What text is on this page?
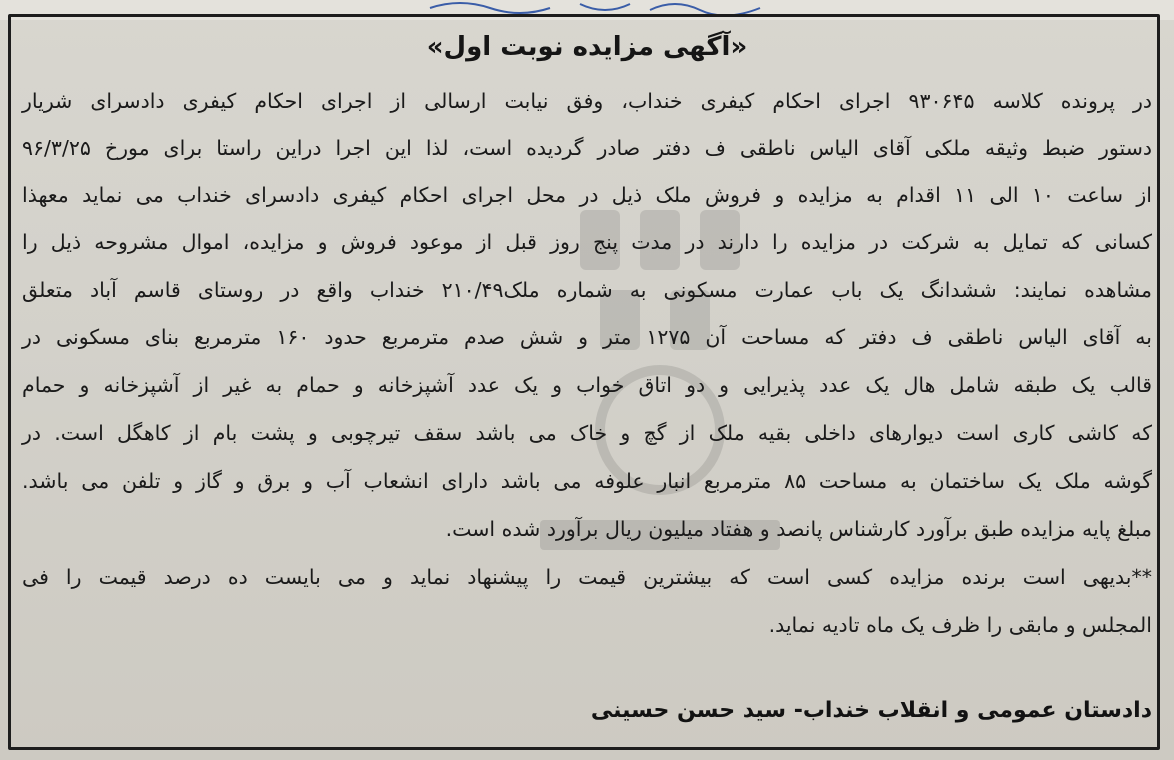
«آگهی مزایده نوبت اول»
در پرونده کلاسه ۹۳۰۶۴۵ اجرای احکام کیفری خنداب، وفق نیابت ارسالی از اجرای احکام کیفری دادسرای شریار
دستور ضبط وثیقه ملکی آقای الیاس ناطقی ف دفتر صادر گردیده است، لذا این اجرا دراین راستا برای مورخ ۹۶/۳/۲۵
از ساعت ۱۰ الی ۱۱ اقدام به مزایده و فروش ملک ذیل در محل اجرای احکام کیفری دادسرای خنداب می نماید معهذا
کسانی که تمایل به شرکت در مزایده را دارند در مدت پنج روز قبل از موعود فروش و مزایده، اموال مشروحه ذیل را
مشاهده نمایند: ششدانگ یک باب عمارت مسکونی به شماره ملک۲۱۰/۴۹ خنداب واقع در روستای قاسم آباد متعلق
به آقای الیاس ناطقی ف دفتر که مساحت آن ۱۲۷۵ متر و شش صدم مترمربع حدود ۱۶۰ مترمربع بنای مسکونی در
قالب یک طبقه شامل هال یک عدد پذیرایی و دو اتاق خواب و یک عدد آشپزخانه و حمام به غیر از آشپزخانه و حمام
که کاشی کاری است دیوارهای داخلی بقیه ملک از گچ و خاک می باشد سقف تیرچوبی و پشت بام از کاهگل است. در
گوشه ملک یک ساختمان به مساحت ۸۵ مترمربع انبار علوفه می باشد دارای انشعاب آب و برق و گاز و تلفن می باشد.
مبلغ پایه مزایده طبق برآورد کارشناس پانصد و هفتاد میلیون ریال برآورد شده است.
**بدیهی است برنده مزایده کسی است که بیشترین قیمت را پیشنهاد نماید و می بایست ده درصد قیمت را فی
المجلس و مابقی را ظرف یک ماه تادیه نماید.
دادستان عمومی و انقلاب خنداب- سید حسن حسینی
